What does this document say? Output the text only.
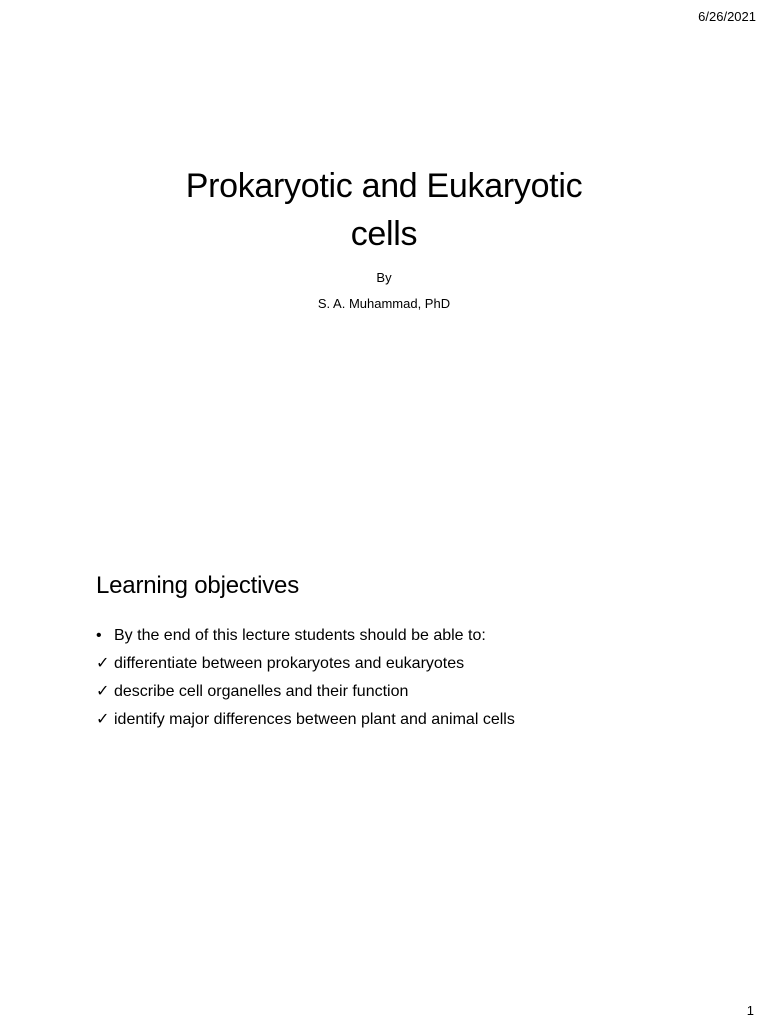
6/26/2021
Prokaryotic and Eukaryotic
cells
By
S. A. Muhammad, PhD
Learning objectives
• By the end of this lecture students should be able to:
✓ differentiate between prokaryotes and eukaryotes
✓ describe cell organelles and their function
✓ identify major differences between plant and animal cells
1
